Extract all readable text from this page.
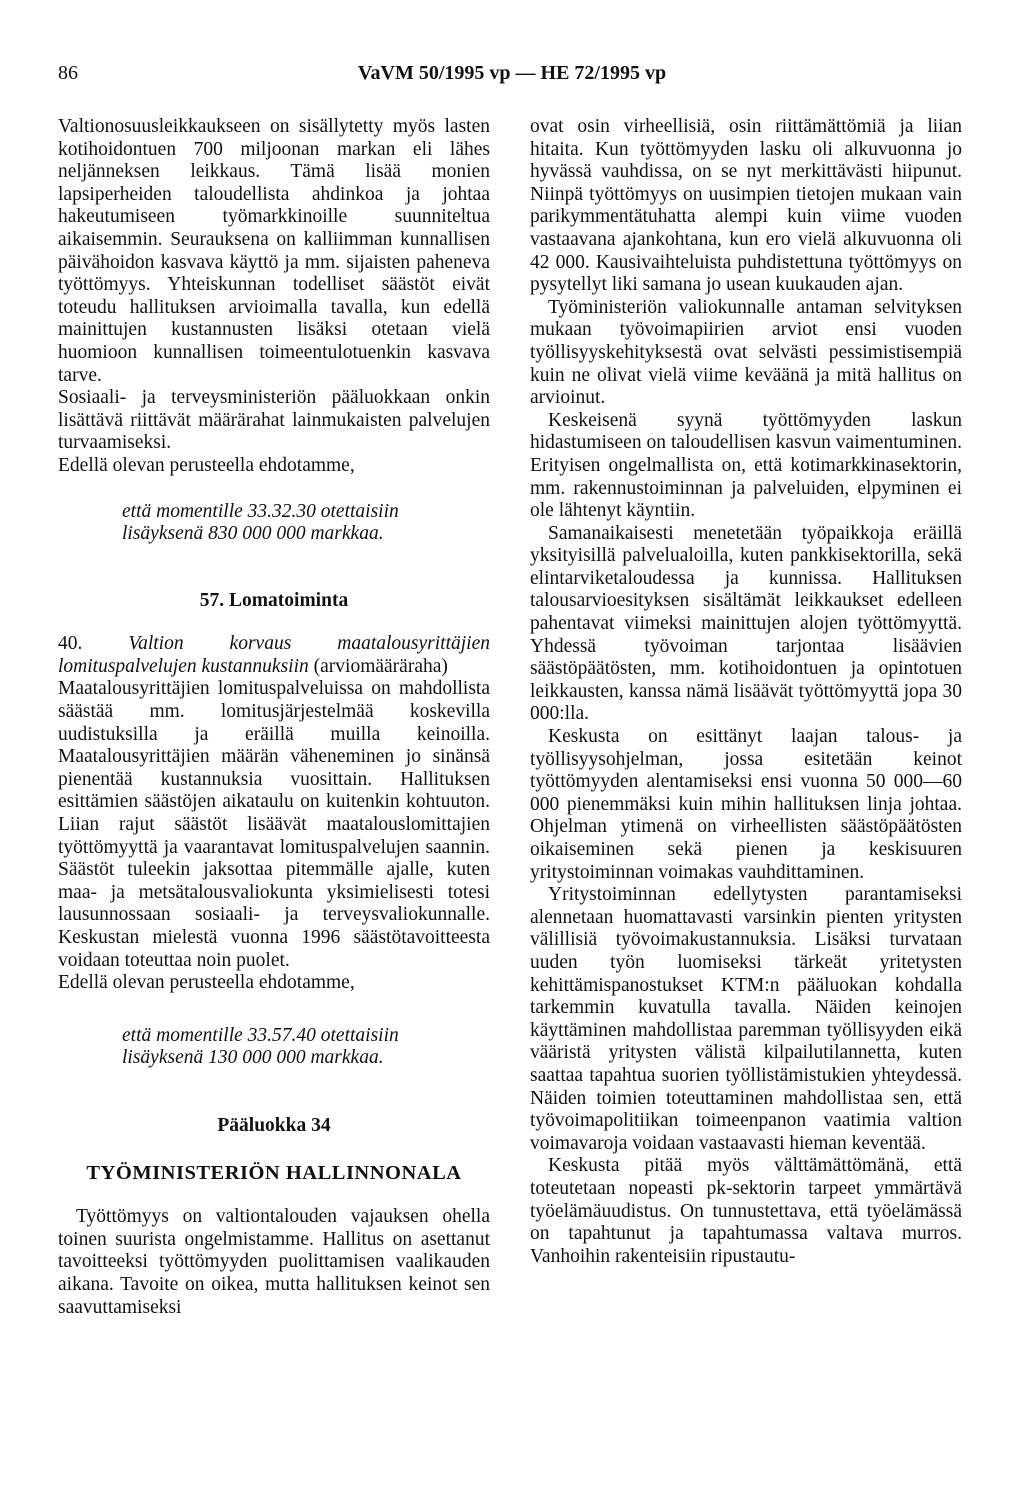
86	VaVM 50/1995 vp — HE 72/1995 vp

Valtionosuusleikkaukseen on sisällytetty myös lasten kotihoidontuen 700 miljoonan markan eli lähes neljänneksen leikkaus. Tämä lisää monien lapsiperheiden taloudellista ahdinkoa ja johtaa hakeutumiseen työmarkkinoille suunniteltua aikaisemmin. Seurauksena on kalliimman kunnallisen päivähoidon kasvava käyttö ja mm. sijaisten paheneva työttömyys. Yhteiskunnan todelliset säästöt eivät toteudu hallituksen arvioimalla tavalla, kun edellä mainittujen kustannusten lisäksi otetaan vielä huomioon kunnallisen toimeentulotuenkin kasvava tarve.

Sosiaali- ja terveysministeriön pääluokkaan onkin lisättävä riittävät määrärahat lainmukaisten palvelujen turvaamiseksi.

Edellä olevan perusteella ehdotamme,

että momentille 33.32.30 otettaisiin
lisäyksenä 830 000 000 markkaa.

57. Lomatoiminta

40. Valtion korvaus maatalousyrittäjien lomituspalvelujen kustannuksiin (arviomääräraha)

Maatalousyrittäjien lomituspalveluissa on mahdollista säästää mm. lomitusjärjestelmää koskevilla uudistuksilla ja eräillä muilla keinoilla. Maatalousyrittäjien määrän väheneminen jo sinänsä pienentää kustannuksia vuosittain. Hallituksen esittämien säästöjen aikataulu on kuitenkin kohtuuton. Liian rajut säästöt lisäävät maatalouslomittajien työttömyyttä ja vaarantavat lomituspalvelujen saannin. Säästöt tuleekin jaksottaa pitemmälle ajalle, kuten maa- ja metsätalousvaliokunta yksimielisesti totesi lausunnossaan sosiaali- ja terveysvaliokunnalle. Keskustan mielestä vuonna 1996 säästötavoitteesta voidaan toteuttaa noin puolet.

Edellä olevan perusteella ehdotamme,

että momentille 33.57.40 otettaisiin
lisäyksenä 130 000 000 markkaa.

Pääluokka 34

TYÖMINISTERIÖN HALLINNONALA

Työttömyys on valtiontalouden vajauksen ohella toinen suurista ongelmistamme. Hallitus on asettanut tavoitteeksi työttömyyden puolittamisen vaalikauden aikana. Tavoite on oikea, mutta hallituksen keinot sen saavuttamiseksi

ovat osin virheellisiä, osin riittämättömiä ja liian hitaita. Kun työttömyyden lasku oli alkuvuonna jo hyvässä vauhdissa, on se nyt merkittävästi hiipunut. Niinpä työttömyys on uusimpien tietojen mukaan vain parikymmentätuhatta alempi kuin viime vuoden vastaavana ajankohtana, kun ero vielä alkuvuonna oli 42 000. Kausivaihteluista puhdistettuna työttömyys on pysytellyt liki samana jo usean kuukauden ajan.

Työministeriön valiokunnalle antaman selvityksen mukaan työvoimapiirien arviot ensi vuoden työllisyyskehityksestä ovat selvästi pessimistisempiä kuin ne olivat vielä viime keväänä ja mitä hallitus on arvioinut.

Keskeisenä syynä työttömyyden laskun hidastumiseen on taloudellisen kasvun vaimentuminen. Erityisen ongelmallista on, että kotimarkkinasektorin, mm. rakennustoiminnan ja palveluiden, elpyminen ei ole lähtenyt käyntiin.

Samanaikaisesti menetetään työpaikkoja eräillä yksityisillä palvelualoilla, kuten pankkisektorilla, sekä elintarviketaloudessa ja kunnissa. Hallituksen talousarvioesityksen sisältämät leikkaukset edelleen pahentavat viimeksi mainittujen alojen työttömyyttä. Yhdessä työvoiman tarjontaa lisäävien säästöpäätösten, mm. kotihoidontuen ja opintotuen leikkausten, kanssa nämä lisäävät työttömyyttä jopa 30 000:lla.

Keskusta on esittänyt laajan talous- ja työllisyysohjelman, jossa esitetään keinot työttömyyden alentamiseksi ensi vuonna 50 000—60 000 pienemmäksi kuin mihin hallituksen linja johtaa. Ohjelman ytimenä on virheellisten säästöpäätösten oikaiseminen sekä pienen ja keskisuuren yritystoiminnan voimakas vauhdittaminen.

Yritystoiminnan edellytysten parantamiseksi alennetaan huomattavasti varsinkin pienten yritysten välillisiä työvoimakustannuksia. Lisäksi turvataan uuden työn luomiseksi tärkeät yritetysten kehittämispanostukset KTM:n pääluokan kohdalla tarkemmin kuvatulla tavalla. Näiden keinojen käyttäminen mahdollistaa paremman työllisyyden eikä vääristä yritysten välistä kilpailutilannetta, kuten saattaa tapahtua suorien työllistämistukien yhteydessä. Näiden toimien toteuttaminen mahdollistaa sen, että työvoimapolitiikan toimeenpanon vaatimia valtion voimavaroja voidaan vastaavasti hieman keventää.

Keskusta pitää myös välttämättömänä, että toteutetaan nopeasti pk-sektorin tarpeet ymmärtävä työelämäuudistus. On tunnustettava, että työelämässä on tapahtunut ja tapahtumassa valtava murros. Vanhoihin rakenteisiin ripustautu-
